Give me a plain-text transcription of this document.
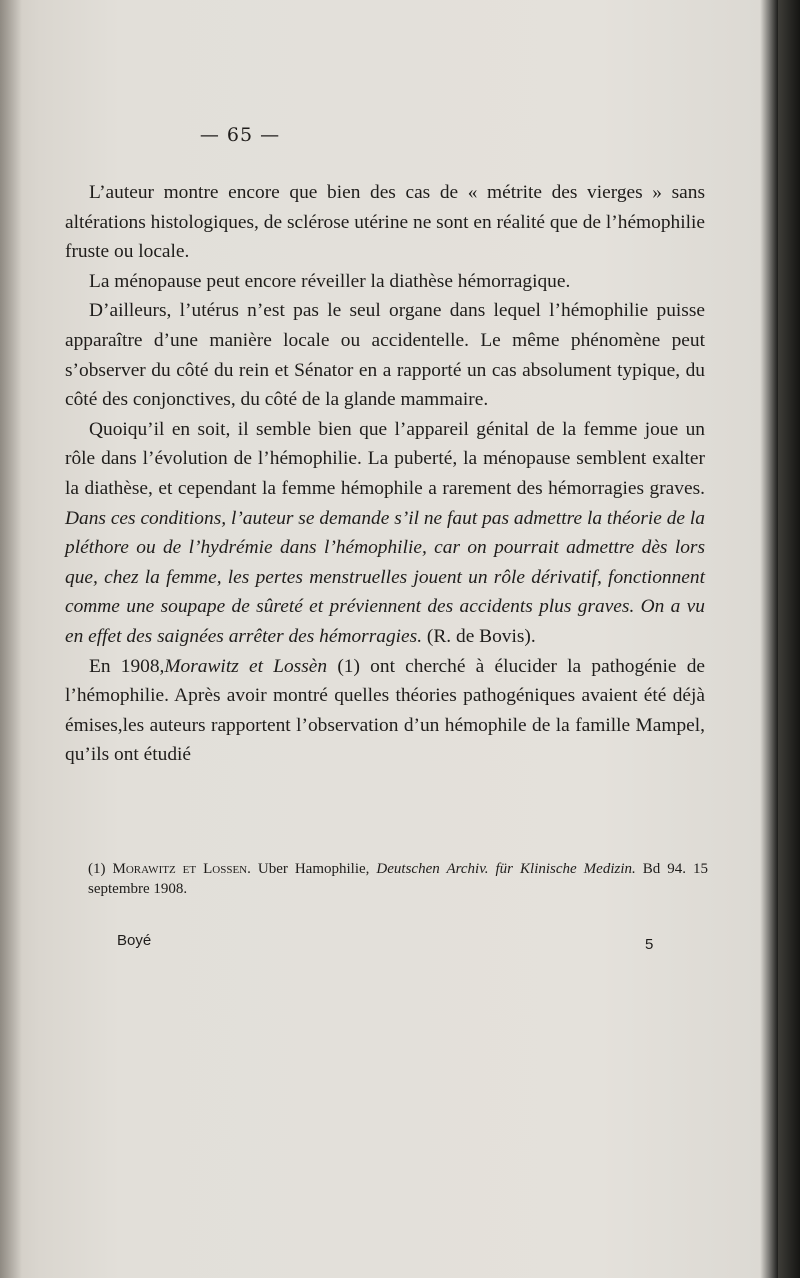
— 65 —

L’auteur montre encore que bien des cas de « métrite des vierges » sans altérations histologiques, de sclérose utérine ne sont en réalité que de l’hémophilie fruste ou locale.

La ménopause peut encore réveiller la diathèse hémorragique.

D’ailleurs, l’utérus n’est pas le seul organe dans lequel l’hémophilie puisse apparaître d’une manière locale ou accidentelle. Le même phénomène peut s’observer du côté du rein et Sénator en a rapporté un cas absolument typique, du côté des conjonctives, du côté de la glande mammaire.

Quoiqu’il en soit, il semble bien que l’appareil génital de la femme joue un rôle dans l’évolution de l’hémophilie. La puberté, la ménopause semblent exalter la diathèse, et cependant la femme hémophile a rarement des hémorragies graves. Dans ces conditions, l’auteur se demande s’il ne faut pas admettre la théorie de la pléthore ou de l’hydrémie dans l’hémophilie, car on pourrait admettre dès lors que, chez la femme, les pertes menstruelles jouent un rôle dérivatif, fonctionnent comme une soupape de sûreté et préviennent des accidents plus graves. On a vu en effet des saignées arrêter des hémorragies. (R. de Bovis).

En 1908,Morawitz et Lossèn (1) ont cherché à élucider la pathogénie de l’hémophilie. Après avoir montré quelles théories pathogéniques avaient été déjà émises,les auteurs rapportent l’observation d’un hémophile de la famille Mampel, qu’ils ont étudié

(1) Morawitz et Lossen. Uber Hamophilie, Deutschen Archiv. für Klinische Medizin. Bd 94. 15 septembre 1908.
Boyé	5
